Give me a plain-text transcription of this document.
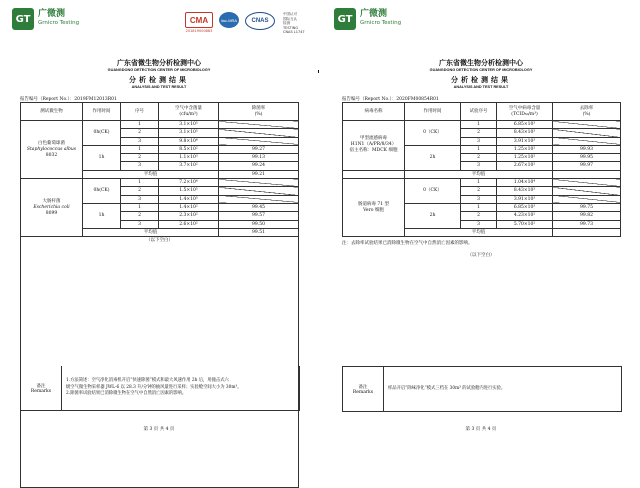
GT 广微测
Grnicro Testing	CMA
201819000883
ilac-MRA	CNAS
中国认可
国际互认
检测
TESTING
CNAS L1747
广东省微生物分析检测中心
GUANGDONG DETECTION CENTER OF MICROBIOLOGY
分析检测结果
ANALYSIS AND TEST RESULT
报告编号（Report No.）：2019FM12013R01
测试微生物	作用时间	序号	空气中含菌量
(cfu/m³)	除菌率
(%)
白色葡萄球菌
Staphylococcus albus
8032	0h(CK)	1	3.1×10⁵	
		2	3.1×10⁵	
		3	9.8×10⁴	
	1h	1	8.5×10²	99.27
		2	1.1×10³	99.13
		3	3.7×10²	99.24
	平均值			99.21
大肠杆菌
Escherichia coli
8099	0h(CK)	1	7.2×10⁴	
		2	1.5×10⁵	
		3	1.4×10⁵	
	1h	1	1.4×10²	99.45
		2	2.3×10²	99.57
		3	2.6×10²	99.50
	平均值			99.51
（以下空白）				
备注
Remarks
1.方法简述：空气净化消毒机开启“快速除菌”模式和最大风速作用 2h 后，用撞击式六
级空气微生物采样器 JWL-6 以 28.3 升/分钟的抽风量进行采样；实验舱空间大小为 30m³。
2.除菌率试验结果已消除微生物在空气中自然消亡因素的影响。
第 3 页 共 4 页
GT 广微测
Grnicro Testing
广东省微生物分析检测中心
GUANGDONG DETECTION CENTER OF MICROBIOLOGY
分析检测结果
ANALYSIS AND TEST RESULT
报告编号（Report No.）：2020FM00854R01
病毒名称	作用时间	试验序号	空气中病毒含量
(TCID₅₀/m³)	去除率
(%)
甲型流感病毒
H1N1（A/PR/8/34）
宿主名称：MDCK 细胞	0（CK）	1	6.85×10³	
		2	8.43×10³	
		3	3.91×10³	
	2h	1	1.25×10²	99.93
		2	1.25×10²	99.95
		3	2.67×10²	99.97
	平均值			
肠道病毒 71 型
Vero 细胞	0（CK）	1	1.04×10⁴	
		2	8.43×10³	
		3	3.91×10³	
	2h	1	6.85×10³	99.75
		2	4.23×10²	99.82
		3	5.70×10²	99.73
	平均值			
注：去除率试验结果已消除微生物在空气中自然消亡因素的影响。
（以下空白）
备注
Remarks
样品开启“除味净化”模式三档在 30m³ 的试验舱内进行实验。
第 3 页 共 4 页
